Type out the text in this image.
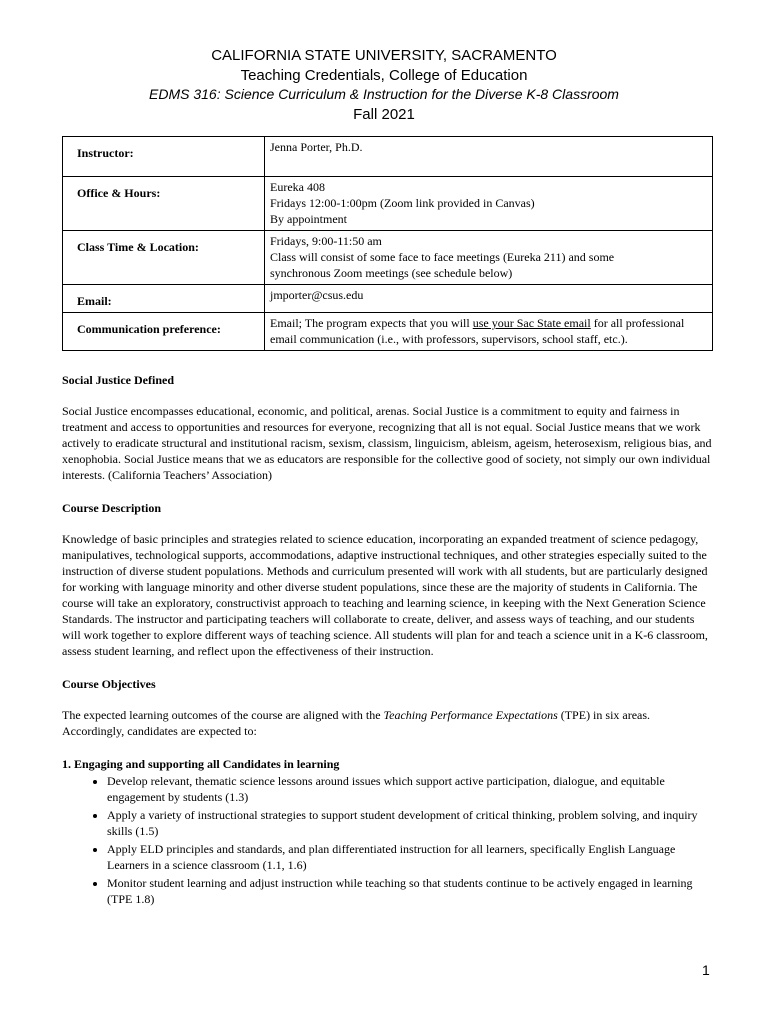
CALIFORNIA STATE UNIVERSITY, SACRAMENTO
Teaching Credentials, College of Education
EDMS 316: Science Curriculum & Instruction for the Diverse K-8 Classroom
Fall 2021
Instructor:	Jenna Porter, Ph.D.
Office & Hours:	Eureka 408
Fridays 12:00-1:00pm (Zoom link provided in Canvas)
By appointment

Class Time & Location:	Fridays, 9:00-11:50 am
Class will consist of some face to face meetings (Eureka 211) and some
synchronous Zoom meetings (see schedule below)

Email:	jmporter@csus.edu
Communication preference:	Email; The program expects that you will use your Sac State email for all professional email communication (i.e., with professors, supervisors, school staff, etc.).
Social Justice Defined
Social Justice encompasses educational, economic, and political, arenas. Social Justice is a commitment to equity and fairness in treatment and access to opportunities and resources for everyone, recognizing that all is not equal. Social Justice means that we work actively to eradicate structural and institutional racism, sexism, classism, linguicism, ableism, ageism, heterosexism, religious bias, and xenophobia. Social Justice means that we as educators are responsible for the collective good of society, not simply our own individual interests. (California Teachers’ Association)
Course Description
Knowledge of basic principles and strategies related to science education, incorporating an expanded treatment of science pedagogy, manipulatives, technological supports, accommodations, adaptive instructional techniques, and other strategies especially suited to the instruction of diverse student populations. Methods and curriculum presented will work with all students, but are particularly designed for working with language minority and other diverse student populations, since these are the majority of students in California. The course will take an exploratory, constructivist approach to teaching and learning science, in keeping with the Next Generation Science Standards. The instructor and participating teachers will collaborate to create, deliver, and assess ways of teaching, and our students will work together to explore different ways of teaching science. All students will plan for and teach a science unit in a K-6 classroom, assess student learning, and reflect upon the effectiveness of their instruction.
Course Objectives
The expected learning outcomes of the course are aligned with the Teaching Performance Expectations (TPE) in six areas. Accordingly, candidates are expected to:
1. Engaging and supporting all Candidates in learning
• Develop relevant, thematic science lessons around issues which support active participation, dialogue, and equitable engagement by students (1.3)
• Apply a variety of instructional strategies to support student development of critical thinking, problem solving, and inquiry skills (1.5)
• Apply ELD principles and standards, and plan differentiated instruction for all learners, specifically English Language Learners in a science classroom (1.1, 1.6)
• Monitor student learning and adjust instruction while teaching so that students continue to be actively engaged in learning (TPE 1.8)
1
